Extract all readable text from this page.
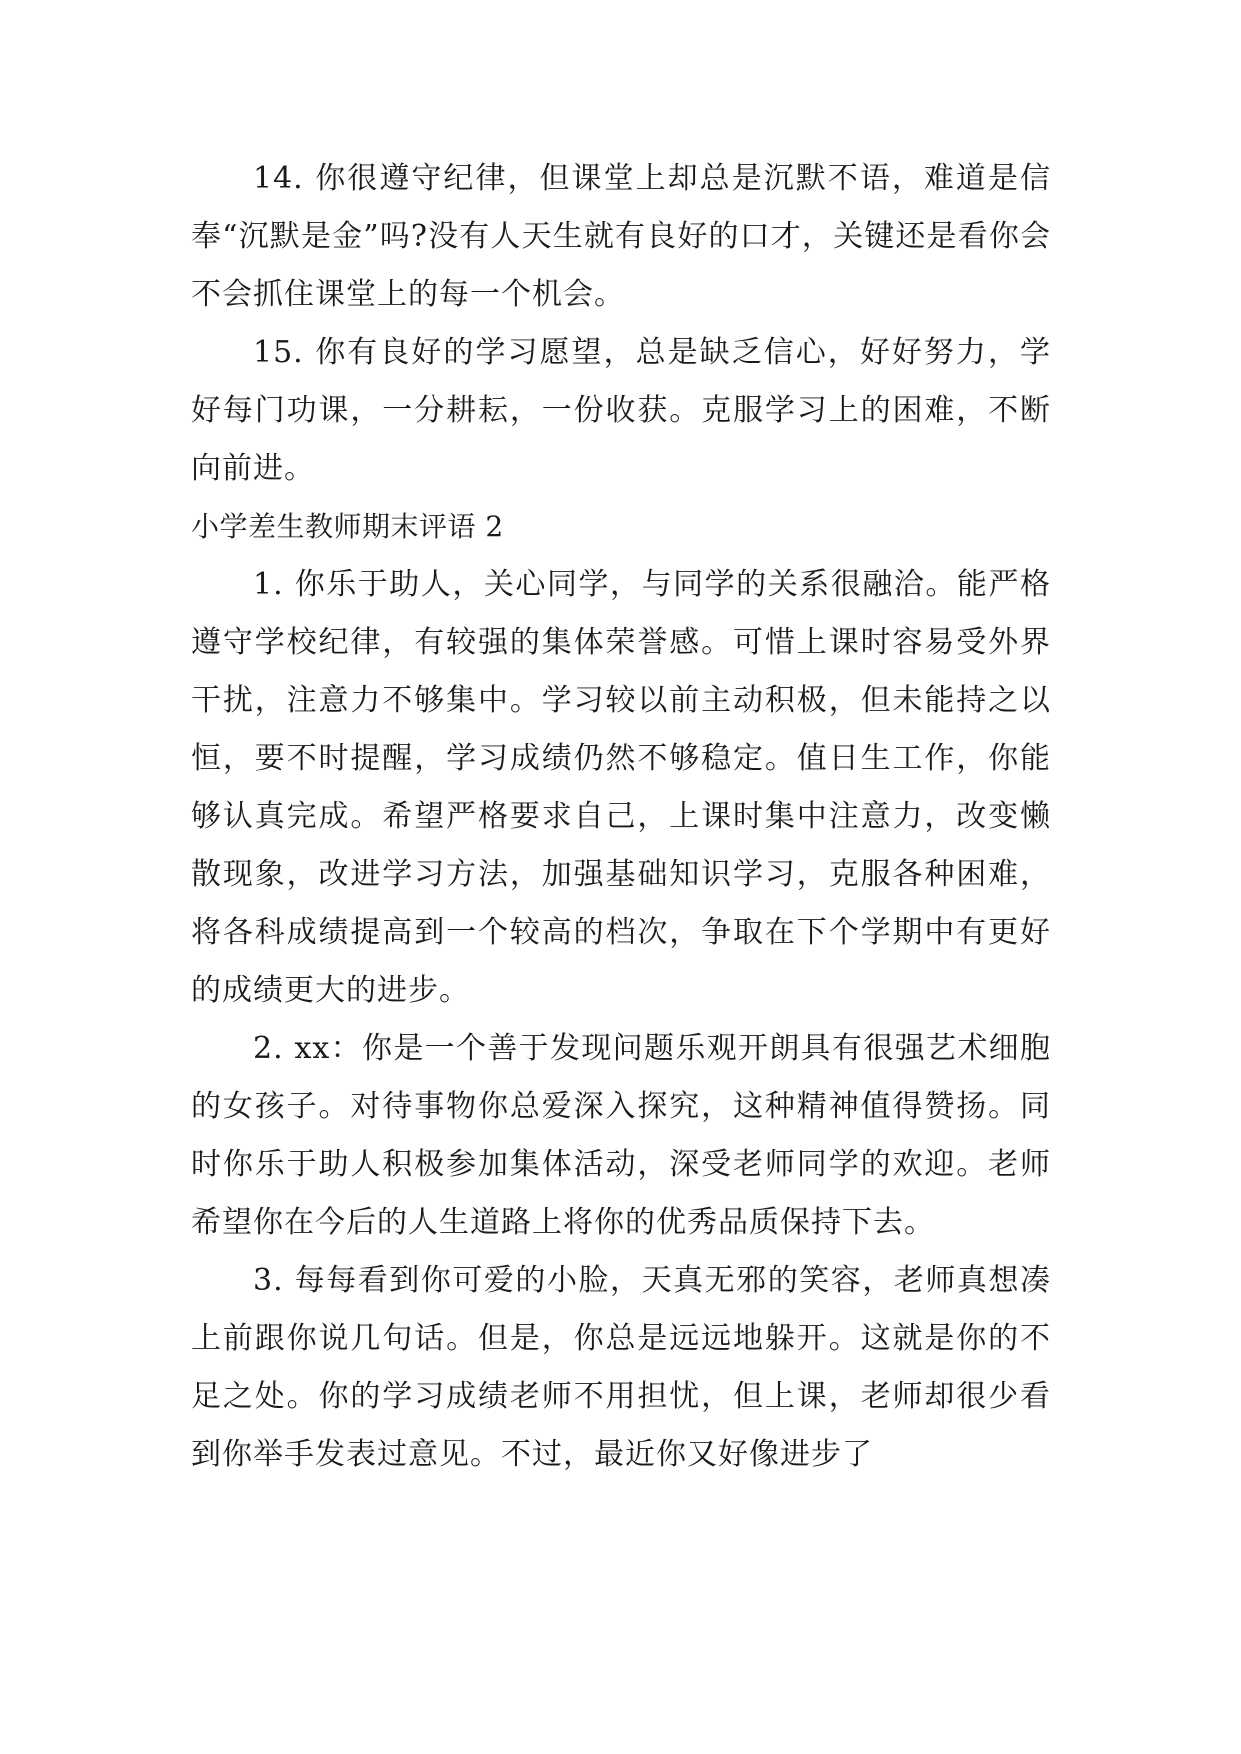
14. 你很遵守纪律，但课堂上却总是沉默不语，难道是信奉“沉默是金”吗?没有人天生就有良好的口才，关键还是看你会不会抓住课堂上的每一个机会。

15. 你有良好的学习愿望，总是缺乏信心，好好努力，学好每门功课，一分耕耘，一份收获。克服学习上的困难，不断向前进。

小学差生教师期末评语 2

1. 你乐于助人，关心同学，与同学的关系很融洽。能严格遵守学校纪律，有较强的集体荣誉感。可惜上课时容易受外界干扰，注意力不够集中。学习较以前主动积极，但未能持之以恒，要不时提醒，学习成绩仍然不够稳定。值日生工作，你能够认真完成。希望严格要求自己，上课时集中注意力，改变懒散现象，改进学习方法，加强基础知识学习，克服各种困难，将各科成绩提高到一个较高的档次，争取在下个学期中有更好的成绩更大的进步。

2. xx：你是一个善于发现问题乐观开朗具有很强艺术细胞的女孩子。对待事物你总爱深入探究，这种精神值得赞扬。同时你乐于助人积极参加集体活动，深受老师同学的欢迎。老师希望你在今后的人生道路上将你的优秀品质保持下去。

3. 每每看到你可爱的小脸，天真无邪的笑容，老师真想凑上前跟你说几句话。但是，你总是远远地躲开。这就是你的不足之处。你的学习成绩老师不用担忧，但上课，老师却很少看到你举手发表过意见。不过，最近你又好像进步了
